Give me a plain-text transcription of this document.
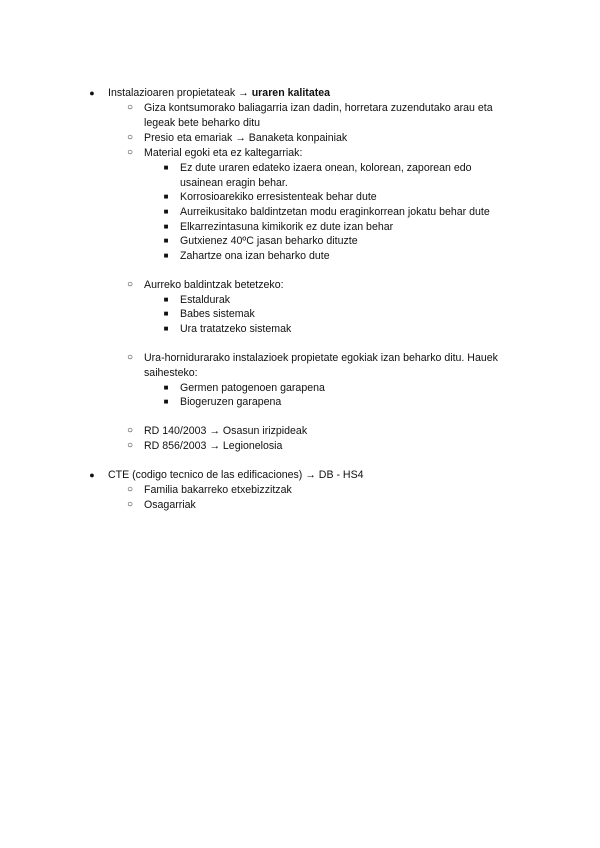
● Instalazioaren propietateak → uraren kalitatea
○ Giza kontsumorako baliagarria izan dadin, horretara zuzendutako arau eta
legeak bete beharko ditu
○ Presio eta emariak → Banaketa konpainiak
○ Material egoki eta ez kaltegarriak:
■ Ez dute uraren edateko izaera onean, kolorean, zaporean edo
usainean eragin behar.
■ Korrosioarekiko erresistenteak behar dute
■ Aurreikusitako baldintzetan modu eraginkorrean jokatu behar dute
■ Elkarrezintasuna kimikorik ez dute izan behar
■ Gutxienez 40ºC jasan beharko dituzte
■ Zahartze ona izan beharko dute
○ Aurreko baldintzak betetzeko:
■ Estaldurak
■ Babes sistemak
■ Ura tratatzeko sistemak
○ Ura-hornidurarako instalazioek propietate egokiak izan beharko ditu. Hauek
saihesteko:
■ Germen patogenoen garapena
■ Biogeruzen garapena
○ RD 140/2003 → Osasun irizpideak
○ RD 856/2003 → Legionelosia
● CTE (codigo tecnico de las edificaciones) → DB - HS4
○ Familia bakarreko etxebizzitzak
○ Osagarriak
